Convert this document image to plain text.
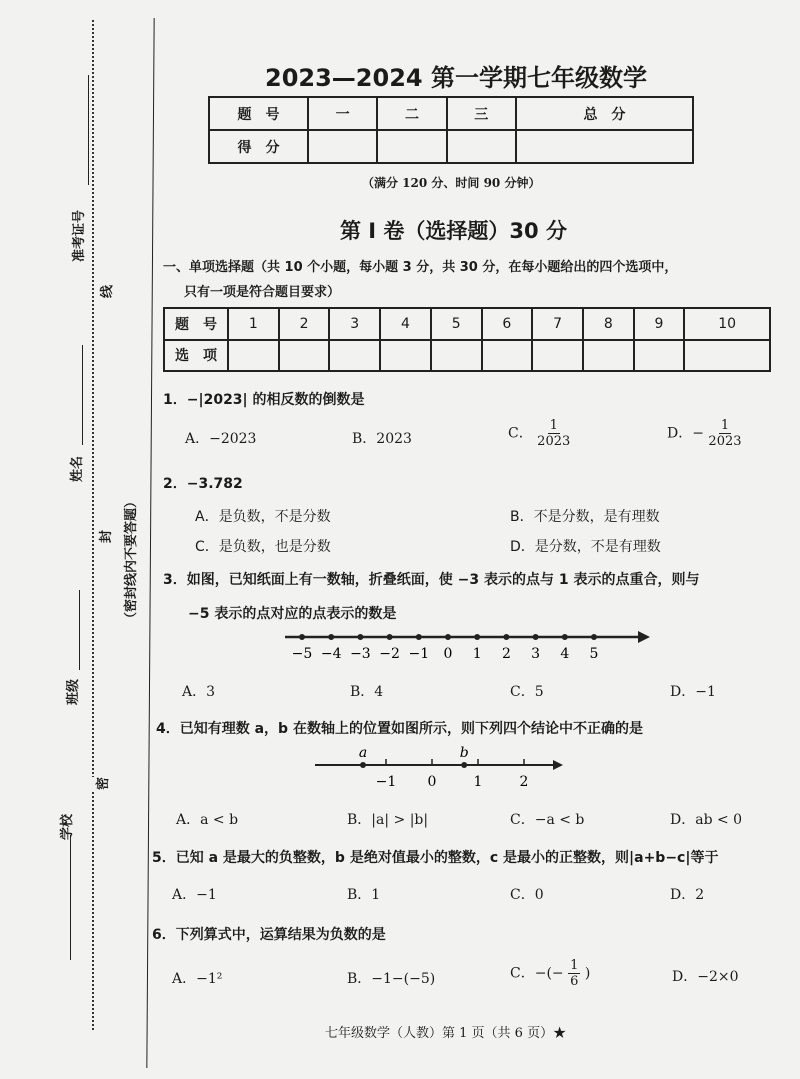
准考证号
姓名
班级
学校
线
封
密
（密封线内不要答题）
2023—2024 第一学期七年级数学
题　号	一	二	三	总　分
得　分				
（满分 120 分、时间 90 分钟）
第 I 卷（选择题）30 分
一、单项选择题（共 10 个小题，每小题 3 分，共 30 分，在每小题给出的四个选项中，
只有一项是符合题目要求）
题　号	1	2	3	4	5	6	7	8	9	10
选　项										
1．−|2023| 的相反数的倒数是
A．−2023	B．2023	C． $\frac{1}{2023}$	D．− $\frac{1}{2023}$
2．−3.782
A．是负数，不是分数	B．不是分数，是有理数
C．是负数，也是分数	D．是分数，不是有理数
3．如图，已知纸面上有一数轴，折叠纸面，使 −3 表示的点与 1 表示的点重合，则与
−5 表示的点对应的点表示的数是
−5 −4 −3 −2 −1 0 1 2 3 4 5
A．3	B．4	C．5	D．−1
4．已知有理数 a，b 在数轴上的位置如图所示，则下列四个结论中不正确的是
−1 0	1	2
a	b
A．a < b	B．|a| > |b|	C．−a < b	D．ab < 0
5．已知 a 是最大的负整数，b 是绝对值最小的整数，c 是最小的正整数，则|a+b−c|等于
A．−1	B．1	C．0	D．2
6．下列算式中，运算结果为负数的是
A．−1²	B．−1−(−5)	C．−(− $\frac{1}{6}$ )	D．−2×0
七年级数学（人教）第 1 页（共 6 页）★
